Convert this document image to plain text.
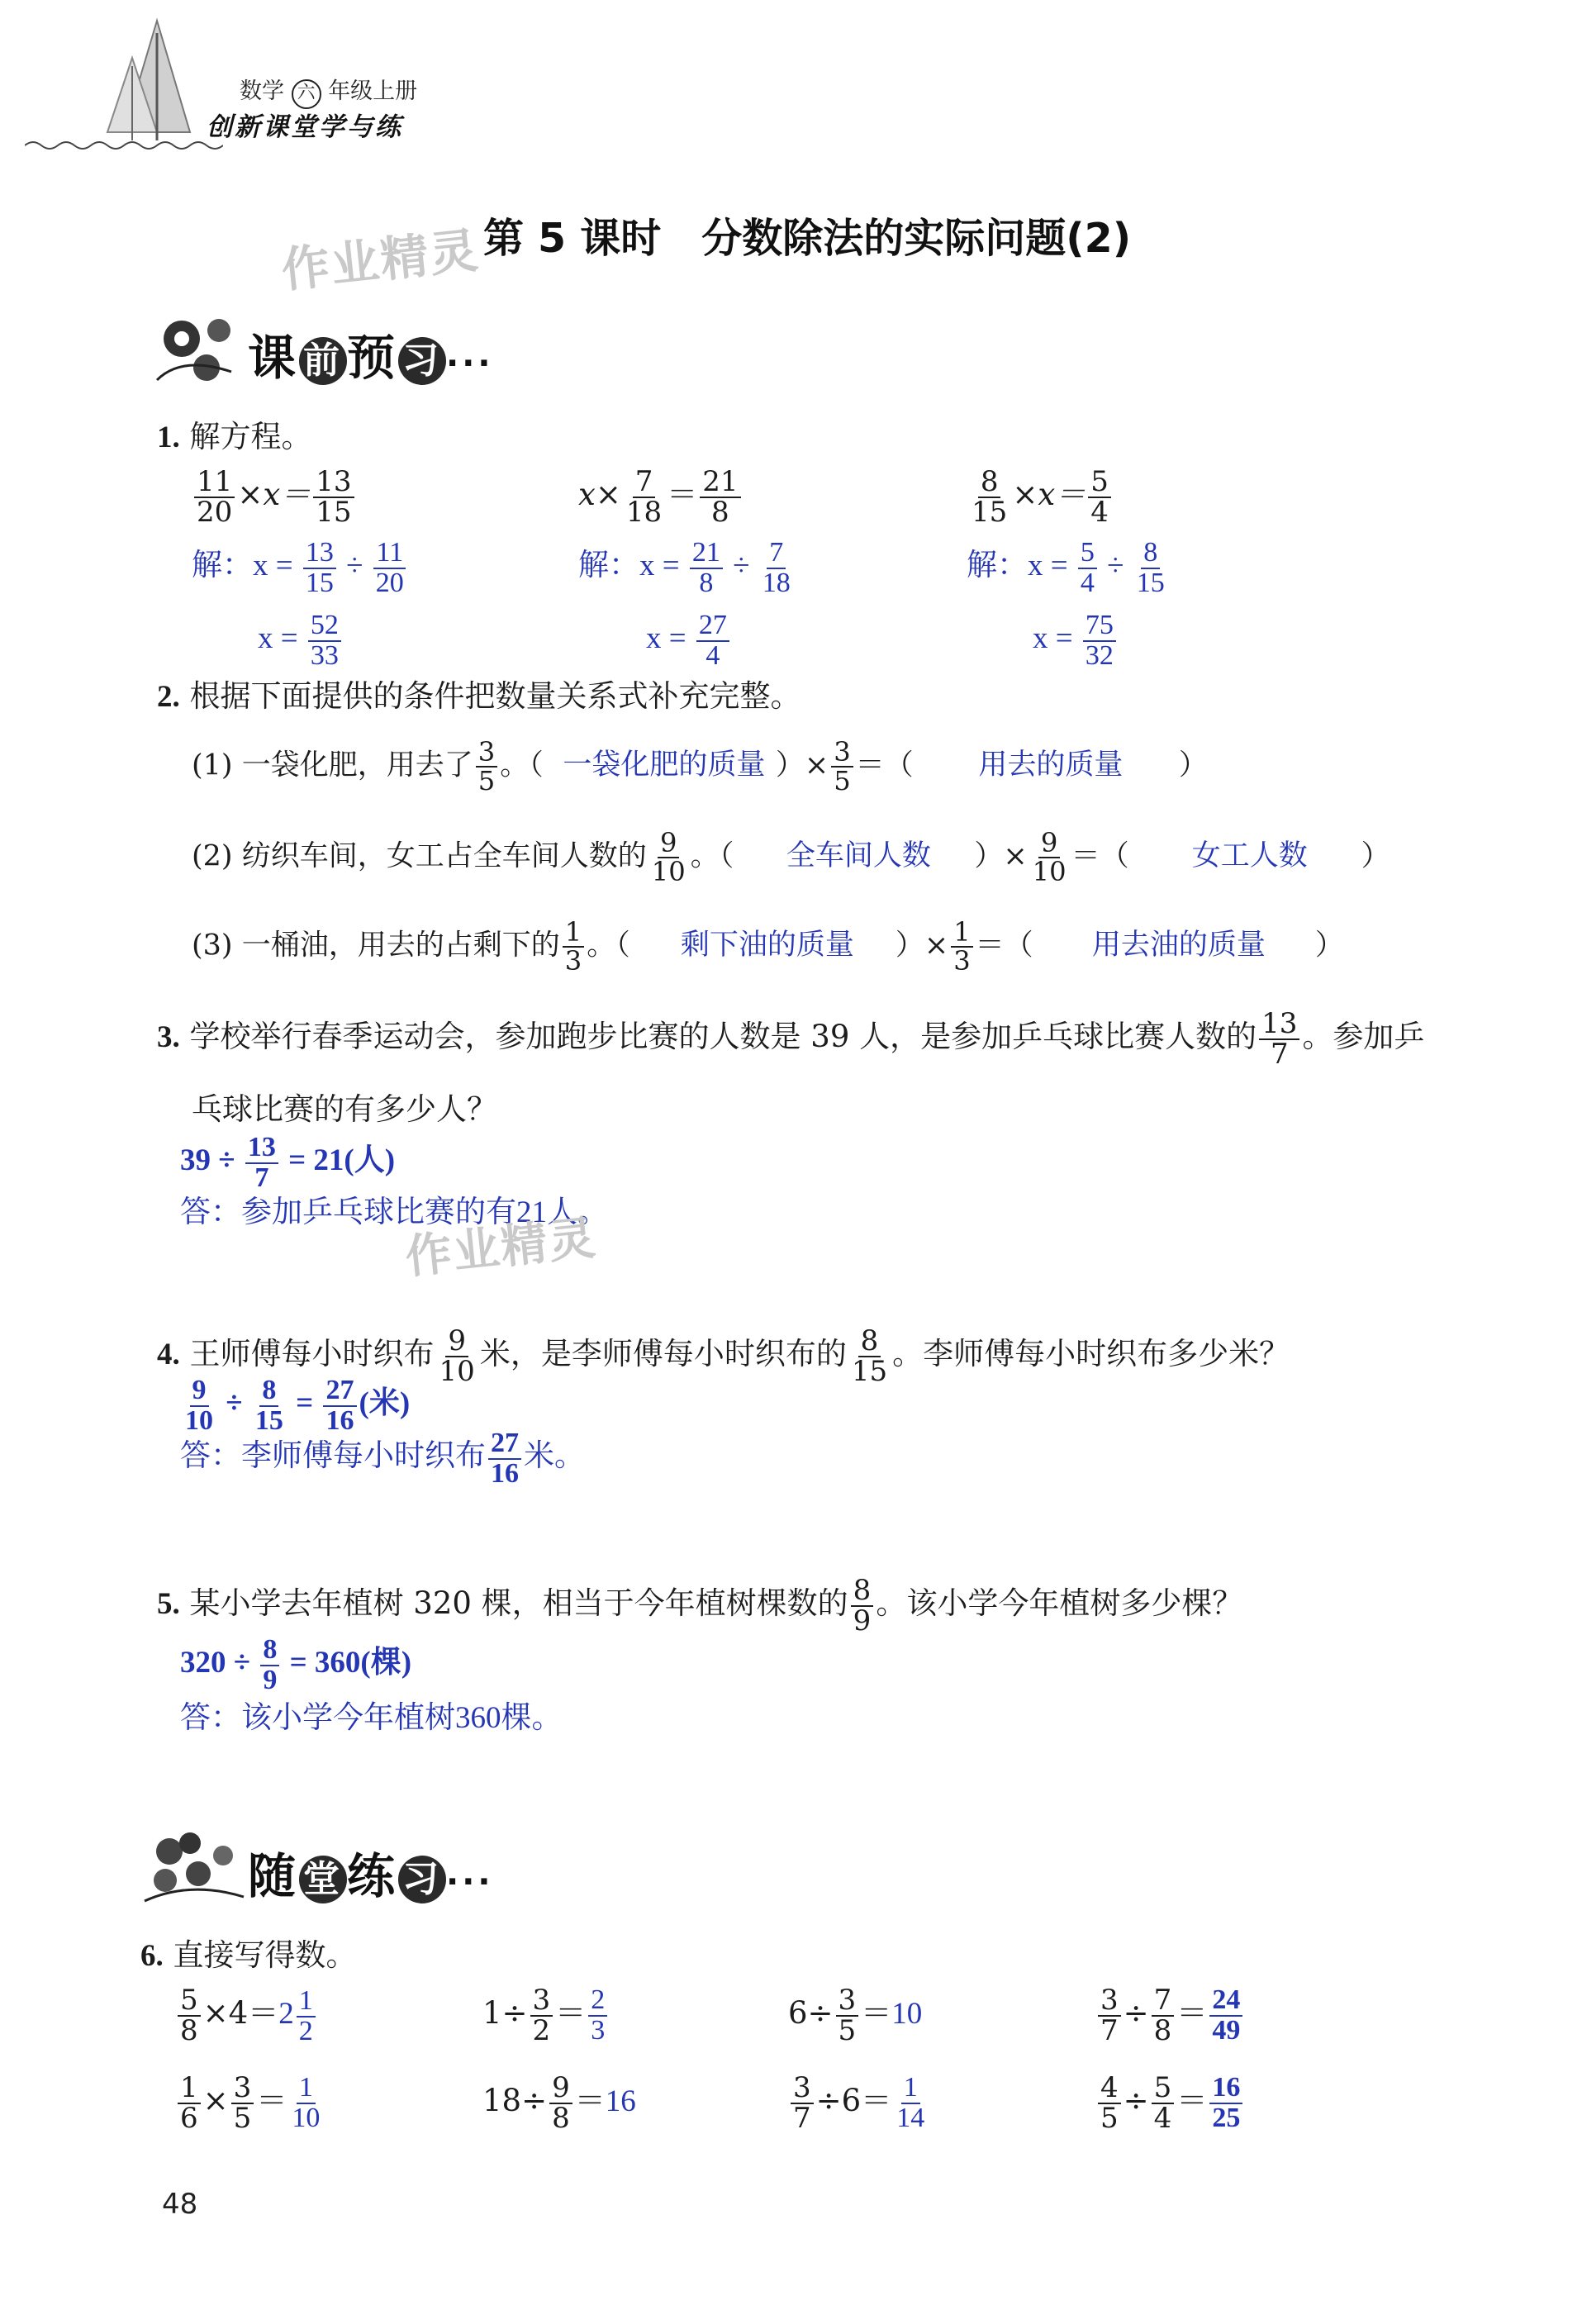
数学 六 年级上册
创新课堂学与练
作业精灵 第 5 课时　分数除法的实际问题(2)
课 前预 习 ·∙∙
1. 解方程。
$\frac{11}{20} \times x= \frac{13}{15}$
解：$x = \frac{13}{15} \div \frac{11}{20}$
$x = \frac{52}{33}$
$x\times \frac{7}{18} = \frac{21}{8}$
解：$x = \frac{21}{8} \div \frac{7}{18}$
$x = \frac{27}{4}$
$\frac{8}{15} \times x= \frac{5}{4}$
解：$x = \frac{5}{4} \div \frac{8}{15}$
$x = \frac{75}{32}$
2. 根据下面提供的条件把数量关系式补充完整。
(1) 一袋化肥，用去了 $\frac{3}{5}$ 。（ 一袋化肥的质量 ）× $\frac{3}{5}$ ＝（ 用去的质量 ）
(2) 纺织车间，女工占全车间人数的 $\frac{9}{10}$ 。（ 全车间人数 ）× $\frac{9}{10}$ ＝（ 女工人数 ）
(3) 一桶油，用去的占剩下的 $\frac{1}{3}$ 。（ 剩下油的质量 ）× $\frac{1}{3}$ ＝（ 用去油的质量 ）
3. 学校举行春季运动会，参加跑步比赛的人数是 39 人，是参加乒乓球比赛人数的 $\frac{13}{7}$ 。参加乒
乓球比赛的有多少人？
$39 \div \frac{13}{7} = 21$(人)
答：参加乒乓球比赛的有21人。
作业精灵
4. 王师傅每小时织布 $\frac{9}{10}$ 米，是李师傅每小时织布的 $\frac{8}{15}$ 。李师傅每小时织布多少米？
$\frac{9}{10} \div \frac{8}{15} = \frac{27}{16}$ (米)
答：李师傅每小时织布 $\frac{27}{16}$ 米。
5. 某小学去年植树 320 棵，相当于今年植树棵数的 $\frac{8}{9}$ 。该小学今年植树多少棵？
$320 \div \frac{8}{9} = 360$(棵)
答：该小学今年植树360棵。
随 堂练 习 ·∙∙
6. 直接写得数。
$\frac{5}{8} \times 4=2 \frac{1}{2}$	$1\div \frac{3}{2} = \frac{2}{3}$	$6\div \frac{3}{5} =10$	$\frac{3}{7} \div \frac{7}{8} = \frac{24}{49}$
$\frac{1}{6} \times \frac{3}{5} = \frac{1}{10}$	$18\div \frac{9}{8} =16$	$\frac{3}{7} \div 6= \frac{1}{14}$	$\frac{4}{5} \div \frac{5}{4} = \frac{16}{25}$
48
